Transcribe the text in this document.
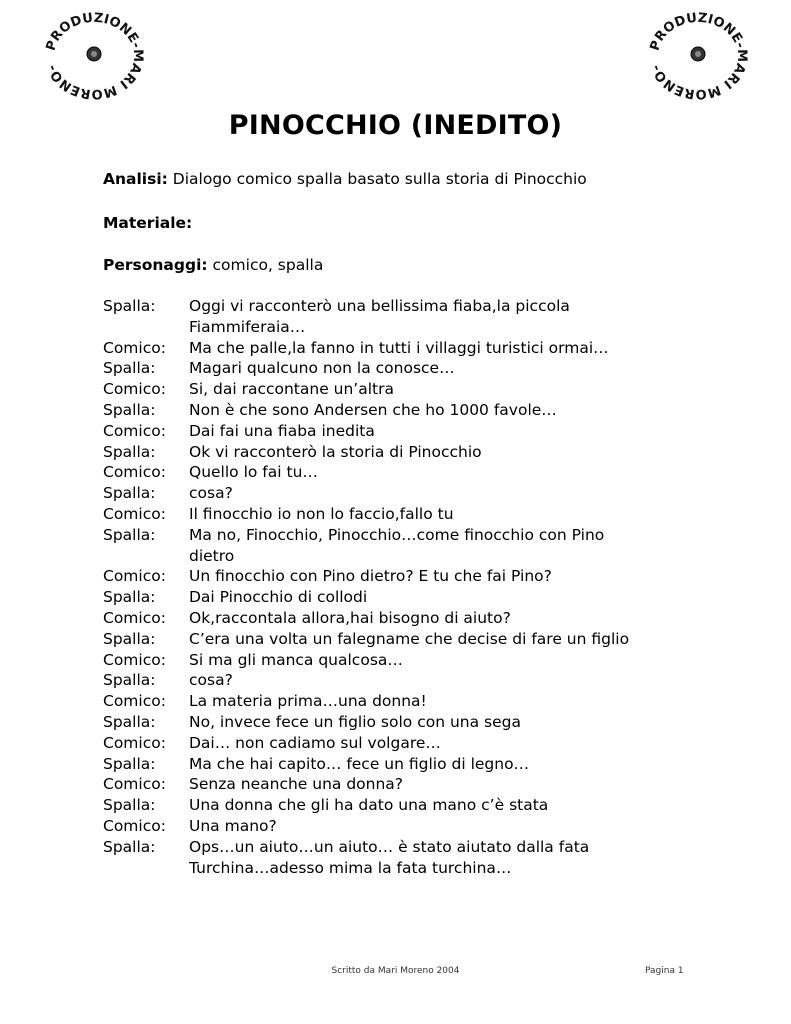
PRODUZIONE-MARI MORENO-
PRODUZIONE-MARI MORENO-
PINOCCHIO (INEDITO)
Analisi: Dialogo comico spalla basato sulla storia di Pinocchio
Materiale:
Personaggi: comico, spalla
Spalla:	Oggi vi racconterò una bellissima fiaba,la piccola Fiammiferaia…
Comico:	Ma che palle,la fanno in tutti i villaggi turistici ormai…
Spalla:	Magari qualcuno non la conosce…
Comico:	Si, dai raccontane un’altra
Spalla:	Non è che sono Andersen che ho 1000 favole…
Comico:	Dai fai una fiaba inedita
Spalla:	Ok vi racconterò la storia di Pinocchio
Comico:	Quello lo fai tu…
Spalla:	cosa?
Comico:	Il finocchio io non lo faccio,fallo tu
Spalla:	Ma no, Finocchio, Pinocchio…come finocchio con Pino dietro
Comico:	Un finocchio con Pino dietro? E tu che fai Pino?
Spalla:	Dai Pinocchio di collodi
Comico:	Ok,raccontala allora,hai bisogno di aiuto?
Spalla:	C’era una volta un falegname che decise di fare un figlio
Comico:	Si ma gli manca qualcosa…
Spalla:	cosa?
Comico:	La materia prima…una donna!
Spalla:	No, invece fece un figlio solo con una sega
Comico:	Dai… non cadiamo sul volgare…
Spalla:	Ma che hai capito… fece un figlio di legno…
Comico:	Senza neanche una donna?
Spalla:	Una donna che gli ha dato una mano c’è stata
Comico:	Una mano?
Spalla:	Ops…un aiuto…un aiuto… è stato aiutato dalla fata Turchina…adesso mima la fata turchina…
Scritto da Mari Moreno 2004	Pagina 1
